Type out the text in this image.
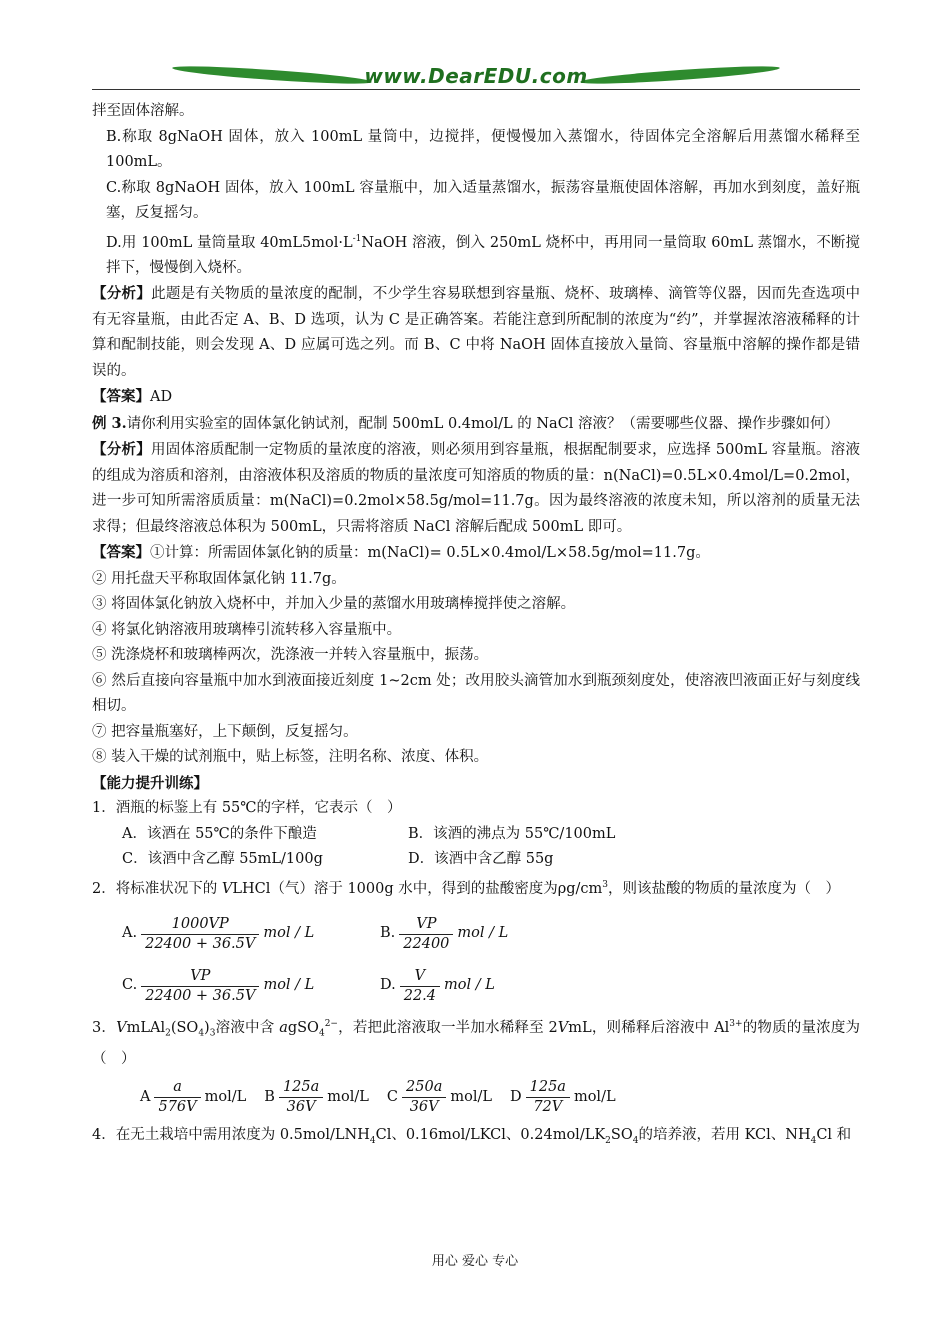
www.DearEDU.com

拌至固体溶解。

B.称取 8gNaOH 固体，放入 100mL 量筒中，边搅拌，便慢慢加入蒸馏水，待固体完全溶解后用蒸馏水稀释至 100mL。

C.称取 8gNaOH 固体，放入 100mL 容量瓶中，加入适量蒸馏水，振荡容量瓶使固体溶解，再加水到刻度，盖好瓶塞，反复摇匀。

D.用 100mL 量筒量取 $40mL5mol\cdot L^{-1}NaOH$ 溶液，倒入 250mL 烧杯中，再用同一量筒取 60mL 蒸馏水，不断搅拌下，慢慢倒入烧杯。

【分析】此题是有关物质的量浓度的配制，不少学生容易联想到容量瓶、烧杯、玻璃棒、滴管等仪器，因而先查选项中有无容量瓶，由此否定 A、B、D 选项，认为 C 是正确答案。若能注意到所配制的浓度为“约”，并掌握浓溶液稀释的计算和配制技能，则会发现 A、D 应属可选之列。而 B、C 中将 NaOH 固体直接放入量筒、容量瓶中溶解的操作都是错误的。

【答案】AD

例 3.请你利用实验室的固体氯化钠试剂，配制 500mL 0.4mol/L 的 NaCl 溶液？（需要哪些仪器、操作步骤如何）

【分析】用固体溶质配制一定物质的量浓度的溶液，则必须用到容量瓶，根据配制要求，应选择 500mL 容量瓶。溶液的组成为溶质和溶剂，由溶液体积及溶质的物质的量浓度可知溶质的物质的量：n(NaCl)=0.5L×0.4mol/L=0.2mol，进一步可知所需溶质质量：m(NaCl)=0.2mol×58.5g/mol=11.7g。因为最终溶液的浓度未知，所以溶剂的质量无法求得；但最终溶液总体积为 500mL，只需将溶质 NaCl 溶解后配成 500mL 即可。

【答案】①计算：所需固体氯化钠的质量：m(NaCl)= 0.5L×0.4mol/L×58.5g/mol=11.7g。

② 用托盘天平称取固体氯化钠 11.7g。

③ 将固体氯化钠放入烧杯中，并加入少量的蒸馏水用玻璃棒搅拌使之溶解。

④ 将氯化钠溶液用玻璃棒引流转移入容量瓶中。

⑤ 洗涤烧杯和玻璃棒两次，洗涤液一并转入容量瓶中，振荡。

⑥ 然后直接向容量瓶中加水到液面接近刻度 1~2cm 处；改用胶头滴管加水到瓶颈刻度处，使溶液凹液面正好与刻度线相切。

⑦ 把容量瓶塞好，上下颠倒，反复摇匀。

⑧ 装入干燥的试剂瓶中，贴上标签，注明名称、浓度、体积。

【能力提升训练】

1．酒瓶的标鉴上有 55℃的字样，它表示（　）

A．该酒在 55℃的条件下酿造	B．该酒的沸点为 55℃/100mL
C．该酒中含乙醇 55mL/100g	D．该酒中含乙醇 55g

2．将标准状况下的 VLHCl（气）溶于 1000g 水中，得到的盐酸密度为$\rho g/cm^3$，则该盐酸的物质的量浓度为（　）

A.
1000VP
22400 + 36.5V
mol / L	B.
VP
22400
mol / L
C.
VP
22400 + 36.5V
mol / L	D.
V
22.4
mol / L

3．$VmLAl_2(SO_4)_3$溶液中含 agSO$_4^{2-}$，若把此溶液取一半加水稀释至 2VmL，则稀释后溶液中 $Al^{3+}$的物质的量浓度为（　）

A
a
576V
mol/L B
125a
36V
mol/L C
250a
36V
mol/L D
125a
72V
mol/L

4．在无土栽培中需用浓度为 $0.5mol/LNH_4Cl$、0.16mol/LKCl、$0.24mol/LK_2SO_4$的培养液，若用 KCl、$NH_4Cl$ 和

用心 爱心 专心
